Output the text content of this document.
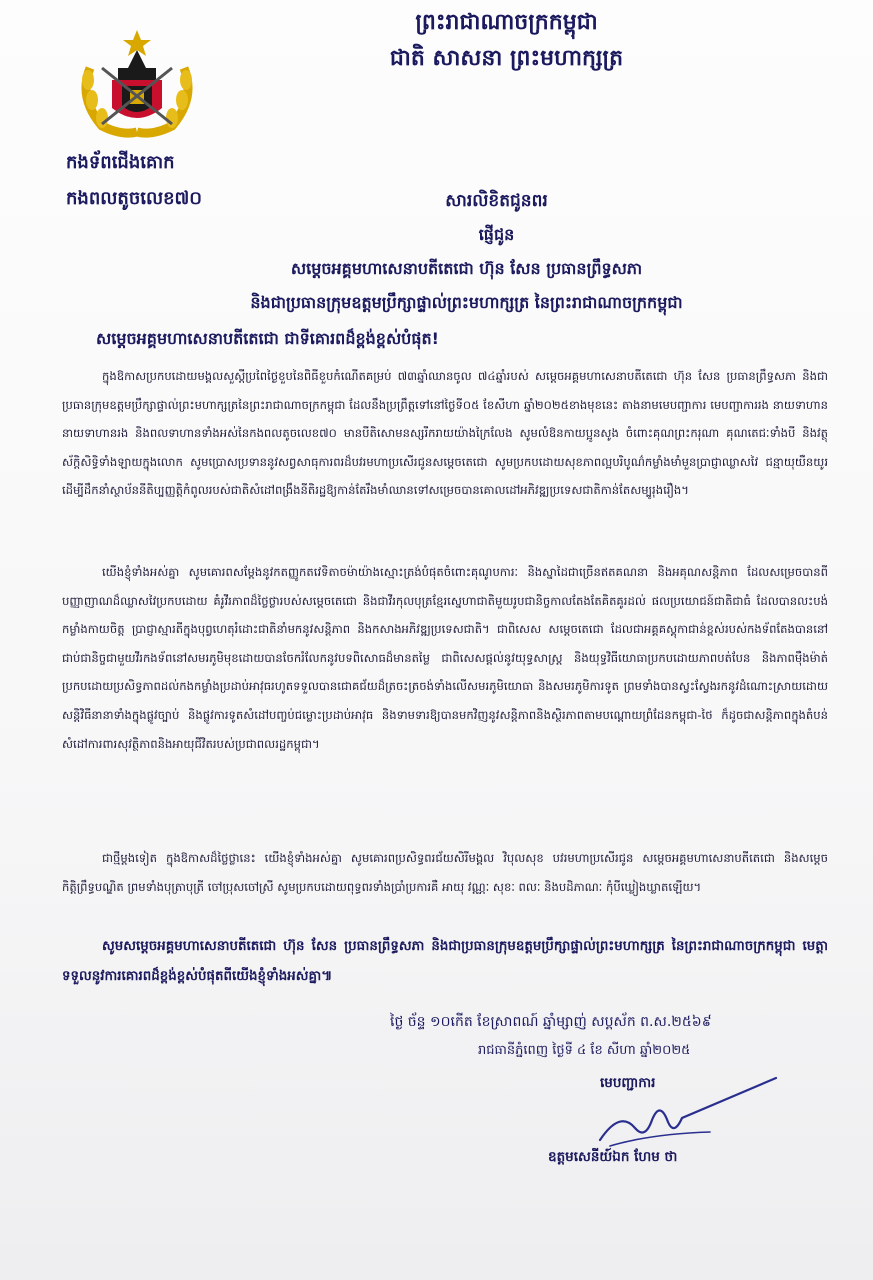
ព្រះរាជាណាចក្រកម្ពុជា
ជាតិ សាសនា ព្រះមហាក្សត្រ
កងទ័ពជើងគោក
កងពលតូចលេខ៧០	សារលិខិតជូនពរ
ផ្ញើជូន
សម្តេចអគ្គមហាសេនាបតីតេជោ ហ៊ុន សែន ប្រធានព្រឹទ្ធសភា
និងជាប្រធានក្រុមឧត្តមប្រឹក្សាផ្ទាល់ព្រះមហាក្សត្រ នៃព្រះរាជាណាចក្រកម្ពុជា
សម្តេចអគ្គមហាសេនាបតីតេជោ ជាទីគោរពដ៏ខ្ពង់ខ្ពស់បំផុត!
ក្នុងឱកាសប្រកបដោយមង្គលសួស្តីប្រពៃថ្ងៃខួបនៃពិធីខួបកំណើតគម្រប់ ៧៣ឆ្នាំឈានចូល ៧៤ឆ្នាំរបស់ សម្តេចអគ្គមហាសេនាបតីតេជោ ហ៊ុន សែន ប្រធានព្រឹទ្ធសភា និងជាប្រធានក្រុមឧត្តមប្រឹក្សាផ្ទាល់ព្រះមហាក្សត្រនៃព្រះរាជាណាចក្រកម្ពុជា ដែលនឹងប្រព្រឹត្តទៅនៅថ្ងៃទី០៥ ខែសីហា ឆ្នាំ២០២៥ខាងមុខនេះ តាងនាមមេបញ្ជាការ មេបញ្ជាការរង នាយទាហាន នាយទាហានរង និងពលទាហានទាំងអស់នៃកងពលតូចលេខ៧០ មានបីតិសោមនស្សរីករាយយ៉ាងក្រៃលែង សូមលំឱនកាយប្អូនសូង ចំពោះគុណព្រះករុណា គុណតេជៈទាំងបី និងវត្ថុស័ក្តិសិទ្ធិទាំងឡាយក្នុងលោក សូមប្រោសប្រទាននូវសព្វសាធុការពរដ៏បវរមហាប្រសើរជូនសម្តេចតេជោ សូមប្រកបដោយសុខភាពល្អបរិបូណ៌កម្លាំងមាំមួនប្រាជ្ញាឈ្លាសវៃ ជន្មាយុយឺនយូរ ដើម្បីដឹកនាំស្ថាប័ននីតិប្បញ្ញត្តិកំពូលរបស់ជាតិសំដៅពង្រឹងនីតិរដ្ឋឱ្យកាន់តែរឹងមាំឈានទៅសម្រេចបានគោលដៅអភិវឌ្ឍប្រទេសជាតិកាន់តែសម្បូរុងរឿង។
យើងខ្ញុំទាំងអស់គ្នា សូមគោរពសម្តែងនូវកតញ្ញូកតវេទិតាចម៉ាយ៉ាងស្មោះត្រង់បំផុតចំពោះគុណូបការៈ និងស្នាដៃជាច្រើនឥតគណនា និងអគុណសន្តិភាព ដែលសម្រេចបានពីបញ្ញាញាណដ៏ឈ្លាសវៃប្រកបដោយ គំរូវីរភាពដ៏ថ្លៃថ្លារបស់សម្តេចតេជោ និងជាវីរកុលបុត្រខ្មែរស្នេហាជាតិមួយរូបជានិច្ចកាលតែងតែគិតគូរដល់ ផលប្រយោជន៍ជាតិជាធំ ដែលបានលះបង់កម្លាំងកាយចិត្ត ប្រាជ្ញាស្មារតីក្នុងបុព្វហេតុរំដោះជាតិនាំមកនូវសន្តិភាព និងកសាងអភិវឌ្ឍប្រទេសជាតិ។ ជាពិសេស សម្តេចតេជោ ដែលជាអគ្គគស្គុកាជាន់ខ្ពស់របស់កងទ័ពតែងបាននៅជាប់ជានិច្ចជាមួយវីរកងទ័ពនៅសមរភូមិមុខដោយបានចែករំលែកនូវបទពិសោធដ៏មានតម្លៃ ជាពិសេសផ្តល់នូវយុទ្ធសាស្ត្រ និងយុទ្ធវិធីយោធាប្រកបដោយភាពបត់បែន និងភាពម៉ឺងម៉ាត់ប្រកបដោយប្រសិទ្ធភាពដល់កងកម្លាំងប្រដាប់អាវុធរហូតទទួលបានជោគជ័យដ៏ត្រចះត្រចង់ទាំងលើសមរភូមិយោធា និងសមរភូមិការទូត ព្រមទាំងបានស្វះស្វែងរកនូវដំណោះស្រាយដោយសន្តិវិធីនានាទាំងក្នុងផ្លូវច្បាប់ និងផ្លូវការទូតសំដៅបញ្ចប់ជម្លោះប្រដាប់អាវុធ និងទាមទារឱ្យបានមកវិញនូវសន្តិភាពនិងស្ថិរភាពតាមបណ្តោយព្រំដែនកម្ពុជា-ថៃ ក៏ដូចជាសន្តិភាពក្នុងតំបន់សំដៅការពារសុវត្ថិភាពនិងអាយុជីវិតរបស់ប្រជាពលរដ្ឋកម្ពុជា។
ជាថ្មីម្តងទៀត ក្នុងឱកាសដ៏ថ្លៃថ្លានេះ យើងខ្ញុំទាំងអស់គ្នា សូមគោរពប្រសិទ្ធពរជ័យសិរីមង្គល វិបុលសុខ បវរមហាប្រសើរជូន សម្តេចអគ្គមហាសេនាបតីតេជោ និងសម្តេចកិត្តិព្រឹទ្ធបណ្ឌិត ព្រមទាំងបុត្រាបុត្រី ចៅប្រុសចៅស្រី សូមប្រកបដោយពុទ្ធពរទាំងប្រាំប្រការគឺ អាយុ វណ្ណៈ សុខៈ ពលៈ និងបដិភាណៈ កុំបីឃ្លៀងឃ្លាតឡើយ។
សូមសម្តេចអគ្គមហាសេនាបតីតេជោ ហ៊ុន សែន ប្រធានព្រឹទ្ធសភា និងជាប្រធានក្រុមឧត្តមប្រឹក្សាផ្ទាល់ព្រះមហាក្សត្រ នៃព្រះរាជាណាចក្រកម្ពុជា មេត្តាទទួលនូវការគោរពដ៏ខ្ពង់ខ្ពស់បំផុតពីយើងខ្ញុំទាំងអស់គ្នា៕
ថ្ងៃ ច័ន្ទ ១០កើត ខែស្រាពណ៍ ឆ្នាំម្សាញ់ សប្តស័ក ព.ស.២៥៦៩
រាជធានីភ្នំពេញ ថ្ងៃទី ៤ ខែ សីហា ឆ្នាំ២០២៥
មេបញ្ជាការ
ឧត្តមសេនីយ៍ឯក ហែម ថា
